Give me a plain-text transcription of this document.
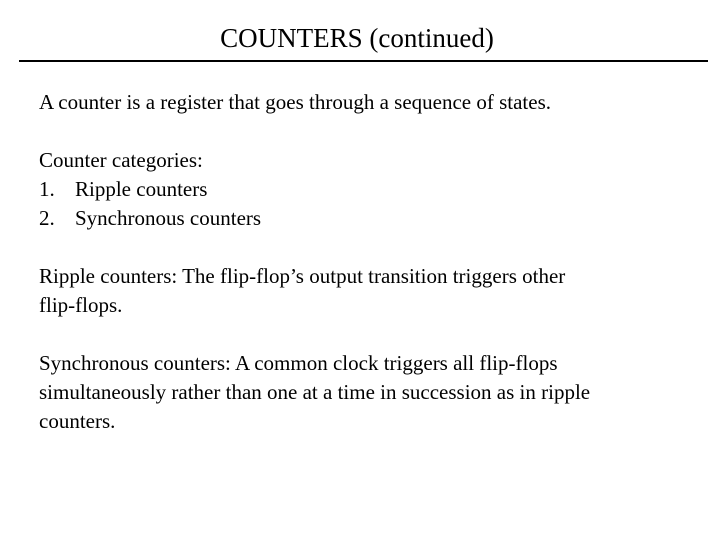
COUNTERS (continued)

A counter is a register that goes through a sequence of states.

Counter categories:

1. Ripple counters
2. Synchronous counters
Ripple counters: The flip-flop’s output transition triggers other
flip-flops.
Synchronous counters: A common clock triggers all flip-flops
simultaneously rather than one at a time in succession as in ripple
counters.
